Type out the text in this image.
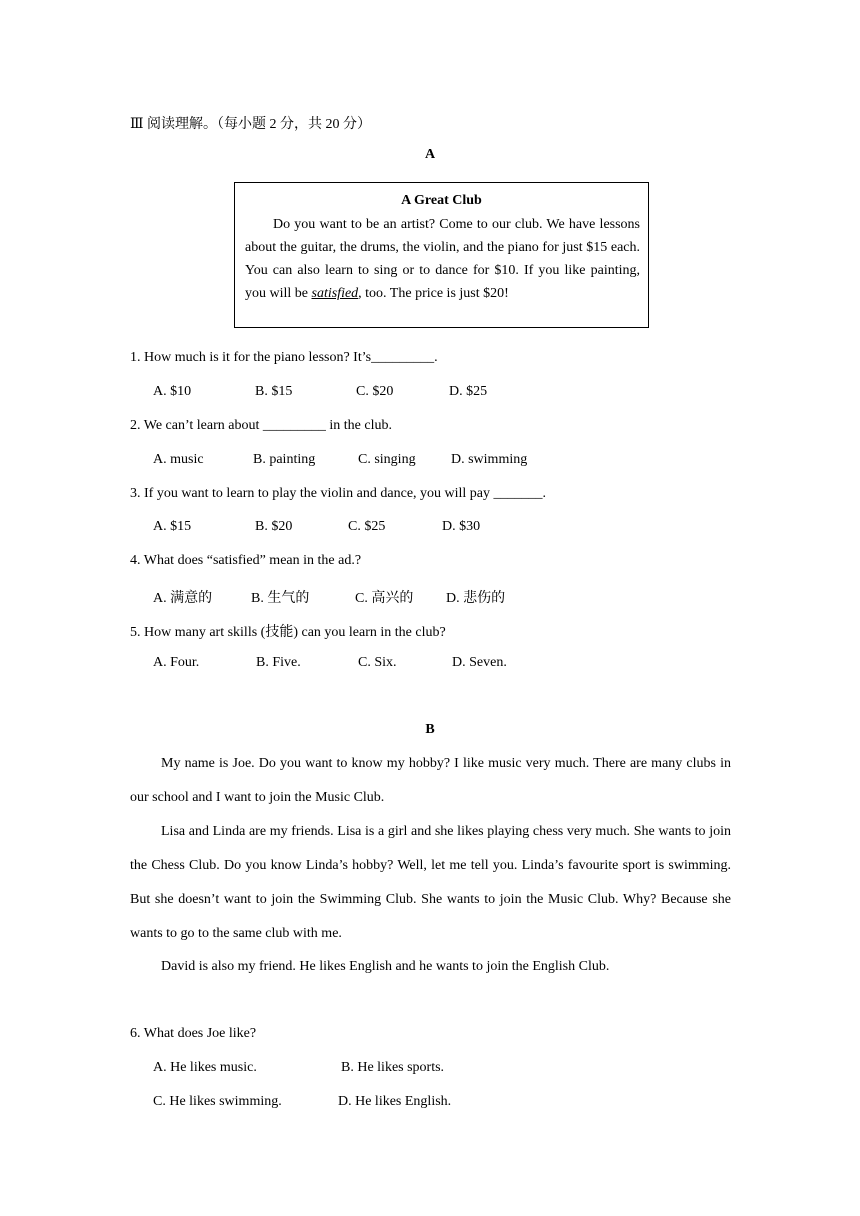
Ⅲ 阅读理解。（每小题 2 分，共 20 分）
A
A Great Club
Do you want to be an artist? Come to our club. We have lessons about the guitar, the drums, the violin, and the piano for just $15 each. You can also learn to sing or to dance for $10. If you like painting, you will be satisfied, too. The price is just $20!
1. How much is it for the piano lesson? It’s_________.
A. $10	B. $15	C. $20	D. $25
2. We can’t learn about _________ in the club.
A. music	B. painting	C. singing	D. swimming
3. If you want to learn to play the violin and dance, you will pay _______.
A. $15	B. $20	C. $25	D. $30
4. What does “satisfied” mean in the ad.?
A. 满意的	B. 生气的	C. 高兴的 D. 悲伤的
5. How many art skills (技能) can you learn in the club?
A. Four.	B. Five.	C. Six.	D. Seven.
B
My name is Joe. Do you want to know my hobby? I like music very much. There are many clubs in our school and I want to join the Music Club.
Lisa and Linda are my friends. Lisa is a girl and she likes playing chess very much. She wants to join the Chess Club. Do you know Linda’s hobby? Well, let me tell you. Linda’s favourite sport is swimming. But she doesn’t want to join the Swimming Club. She wants to join the Music Club. Why? Because she wants to go to the same club with me.
David is also my friend. He likes English and he wants to join the English Club.
6. What does Joe like?
A. He likes music.	B. He likes sports.
C. He likes swimming.	D. He likes English.
